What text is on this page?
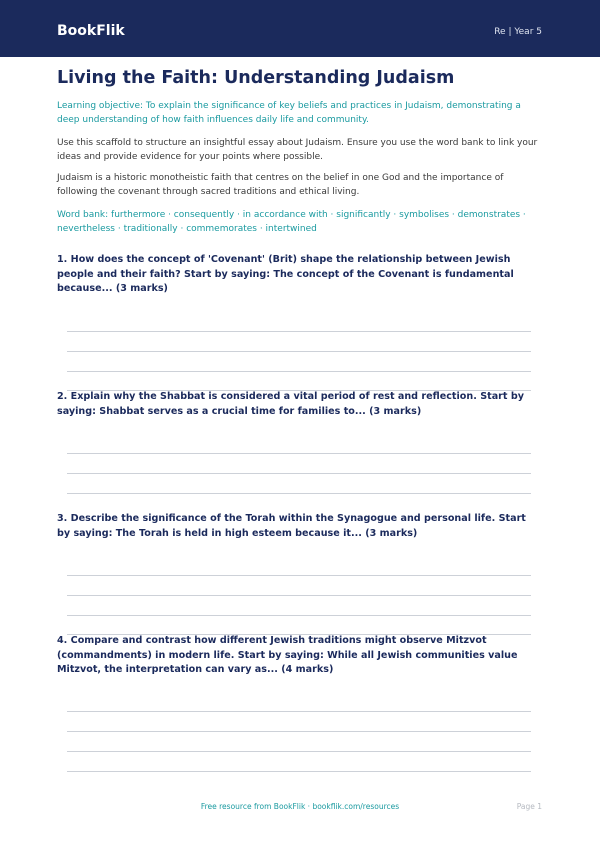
BookFlik	Re | Year 5
Living the Faith: Understanding Judaism

Learning objective: To explain the significance of key beliefs and practices in Judaism, demonstrating a deep understanding of how faith influences daily life and community.

Use this scaffold to structure an insightful essay about Judaism. Ensure you use the word bank to link your ideas and provide evidence for your points where possible.

Judaism is a historic monotheistic faith that centres on the belief in one God and the importance of following the covenant through sacred traditions and ethical living.

Word bank: furthermore · consequently · in accordance with · significantly · symbolises · demonstrates · nevertheless · traditionally · commemorates · intertwined

1. How does the concept of 'Covenant' (Brit) shape the relationship between Jewish people and their faith? Start by saying: The concept of the Covenant is fundamental because... (3 marks)
2. Explain why the Shabbat is considered a vital period of rest and reflection. Start by saying: Shabbat serves as a crucial time for families to... (3 marks)
3. Describe the significance of the Torah within the Synagogue and personal life. Start by saying: The Torah is held in high esteem because it... (3 marks)
4. Compare and contrast how different Jewish traditions might observe Mitzvot (commandments) in modern life. Start by saying: While all Jewish communities value Mitzvot, the interpretation can vary as... (4 marks)
Free resource from BookFlik · bookflik.com/resources	Page 1
